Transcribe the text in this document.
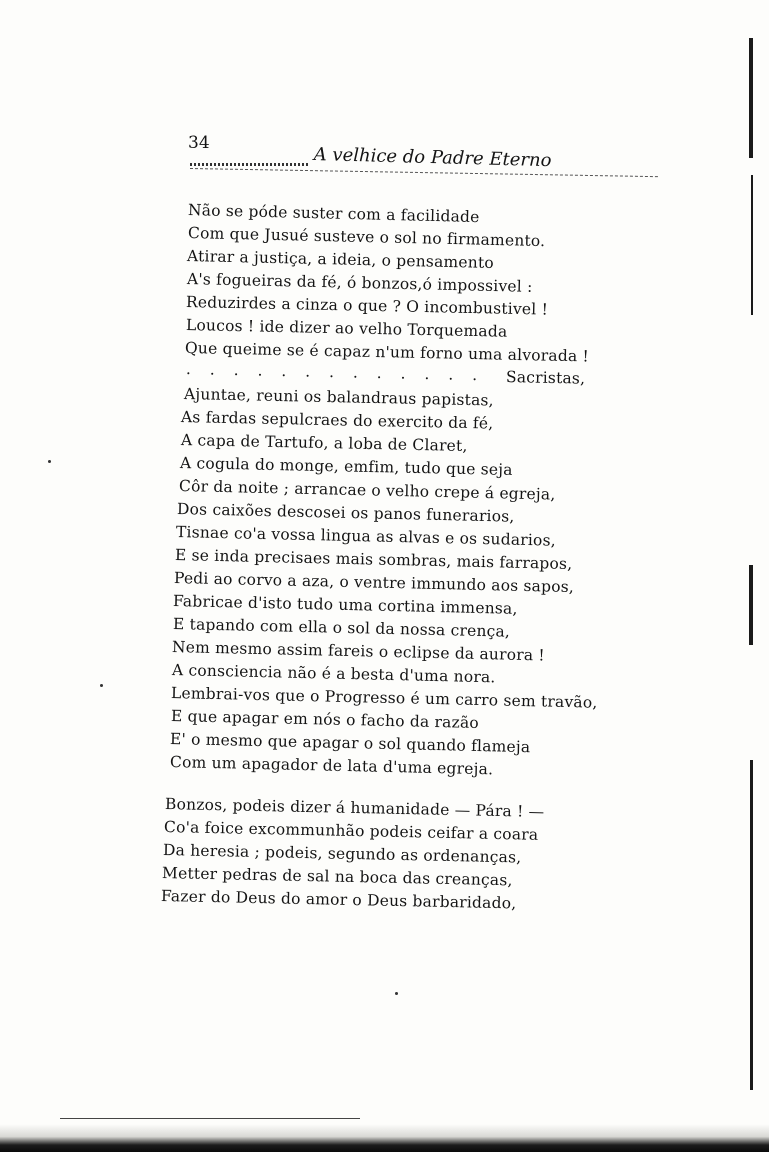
34
A velhice do Padre Eterno
Não se póde suster com a facilidade
Com que Jusué susteve o sol no firmamento.
Atirar a justiça, a ideia, o pensamento
A's fogueiras da fé, ó bonzos,ó impossivel :
Reduzirdes a cinza o que ? O incombustivel !
Loucos ! ide dizer ao velho Torquemada
Que queime se é capaz n'um forno uma alvorada !
. . . . . . . . . . . . . Sacristas,
Ajuntae, reuni os balandraus papistas,
As fardas sepulcraes do exercito da fé,
A capa de Tartufo, a loba de Claret,
A cogula do monge, emfim, tudo que seja
Côr da noite ; arrancae o velho crepe á egreja,
Dos caixões descosei os panos funerarios,
Tisnae co'a vossa lingua as alvas e os sudarios,
E se inda precisaes mais sombras, mais farrapos,
Pedi ao corvo a aza, o ventre immundo aos sapos,
Fabricae d'isto tudo uma cortina immensa,
E tapando com ella o sol da nossa crença,
Nem mesmo assim fareis o eclipse da aurora !
A consciencia não é a besta d'uma nora.
Lembrai-vos que o Progresso é um carro sem travão,
E que apagar em nós o facho da razão
E' o mesmo que apagar o sol quando flameja
Com um apagador de lata d'uma egreja.
Bonzos, podeis dizer á humanidade — Pára ! —
Co'a foice excommunhão podeis ceifar a coara
Da heresia ; podeis, segundo as ordenanças,
Metter pedras de sal na boca das creanças,
Fazer do Deus do amor o Deus barbaridado,
